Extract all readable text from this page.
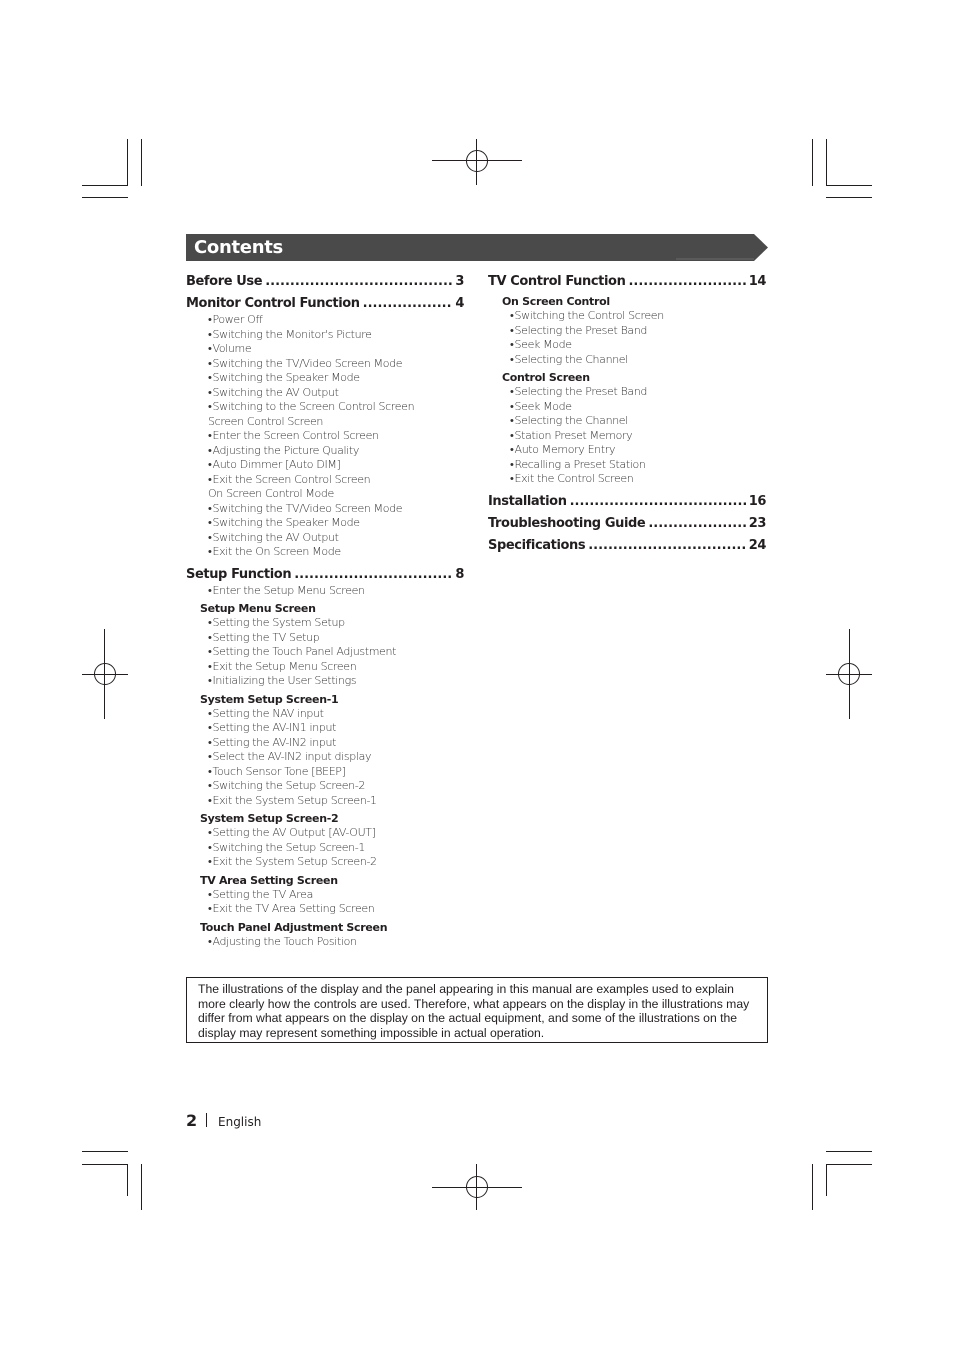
Contents
Before Use .....	3
Monitor Control Function .....	4
• Power Off
• Switching the Monitor's Picture
• Volume
• Switching the TV/Video Screen Mode
• Switching the Speaker Mode
• Switching the AV Output
• Switching to the Screen Control Screen
Screen Control Screen
• Enter the Screen Control Screen
• Adjusting the Picture Quality
• Auto Dimmer [Auto DIM]
• Exit the Screen Control Screen
On Screen Control Mode
• Switching the TV/Video Screen Mode
• Switching the Speaker Mode
• Switching the AV Output
• Exit the On Screen Mode
Setup Function .....	8
• Enter the Setup Menu Screen
Setup Menu Screen
• Setting the System Setup
• Setting the TV Setup
• Setting the Touch Panel Adjustment
• Exit the Setup Menu Screen
• Initializing the User Settings
System Setup Screen-1
• Setting the NAV input
• Setting the AV-IN1 input
• Setting the AV-IN2 input
• Select the AV-IN2 input display
• Touch Sensor Tone [BEEP]
• Switching the Setup Screen-2
• Exit the System Setup Screen-1
System Setup Screen-2
• Setting the AV Output [AV-OUT]
• Switching the Setup Screen-1
• Exit the System Setup Screen-2
TV Area Setting Screen
• Setting the TV Area
• Exit the TV Area Setting Screen
Touch Panel Adjustment Screen
• Adjusting the Touch Position
TV Control Function .....	14
On Screen Control
• Switching the Control Screen
• Selecting the Preset Band
• Seek Mode
• Selecting the Channel
Control Screen
• Selecting the Preset Band
• Seek Mode
• Selecting the Channel
• Station Preset Memory
• Auto Memory Entry
• Recalling a Preset Station
• Exit the Control Screen
Installation .....	16
Troubleshooting Guide .....	23
Specifications .....	24
The illustrations of the display and the panel appearing in this manual are examples used to explain more clearly how the controls are used. Therefore, what appears on the display in the illustrations may differ from what appears on the display on the actual equipment, and some of the illustrations on the display may represent something impossible in actual operation.
2 English
